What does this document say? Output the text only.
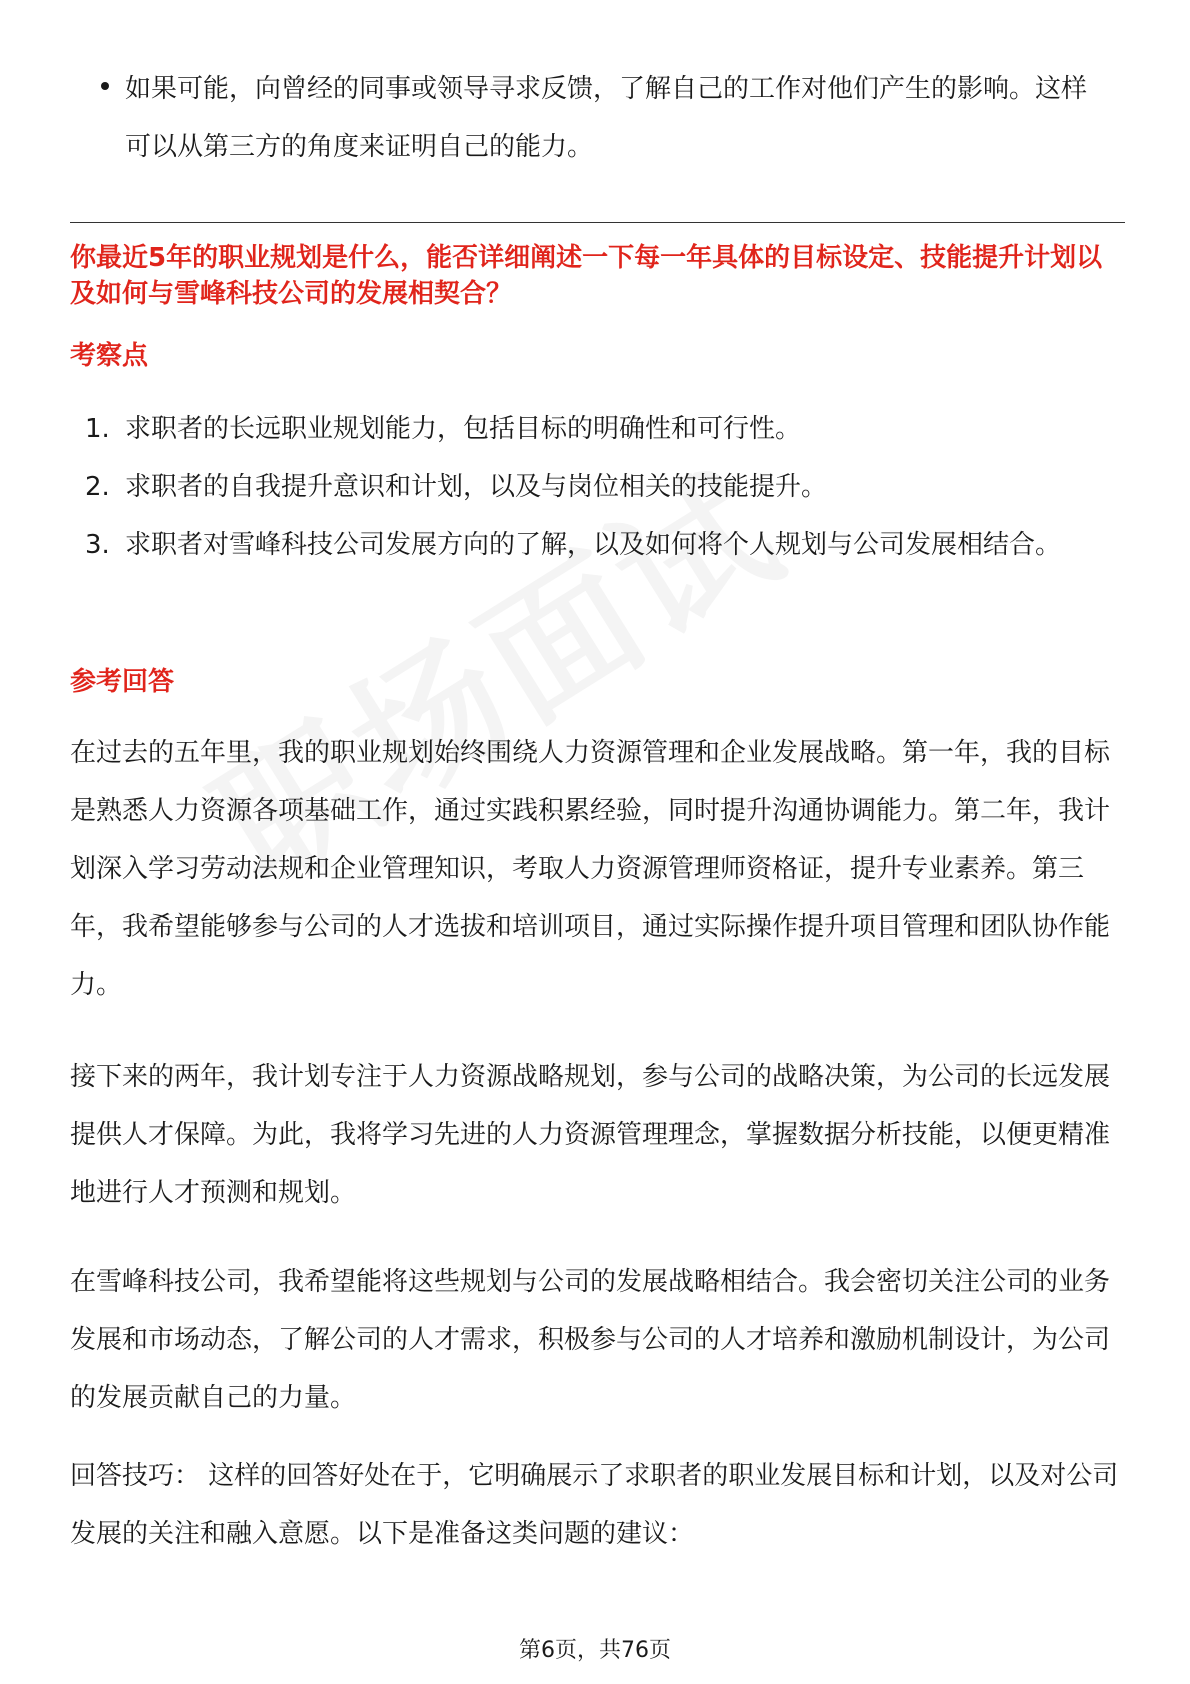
如果可能，向曾经的同事或领导寻求反馈，了解自己的工作对他们产生的影响。这样可以从第三方的角度来证明自己的能力。
你最近5年的职业规划是什么，能否详细阐述一下每一年具体的目标设定、技能提升计划以及如何与雪峰科技公司的发展相契合？
考察点
1. 求职者的长远职业规划能力，包括目标的明确性和可行性。
2. 求职者的自我提升意识和计划，以及与岗位相关的技能提升。
3. 求职者对雪峰科技公司发展方向的了解，以及如何将个人规划与公司发展相结合。
参考回答

在过去的五年里，我的职业规划始终围绕人力资源管理和企业发展战略。第一年，我的目标是熟悉人力资源各项基础工作，通过实践积累经验，同时提升沟通协调能力。第二年，我计划深入学习劳动法规和企业管理知识，考取人力资源管理师资格证，提升专业素养。第三年，我希望能够参与公司的人才选拔和培训项目，通过实际操作提升项目管理和团队协作能力。

接下来的两年，我计划专注于人力资源战略规划，参与公司的战略决策，为公司的长远发展提供人才保障。为此，我将学习先进的人力资源管理理念，掌握数据分析技能，以便更精准地进行人才预测和规划。

在雪峰科技公司，我希望能将这些规划与公司的发展战略相结合。我会密切关注公司的业务发展和市场动态，了解公司的人才需求，积极参与公司的人才培养和激励机制设计，为公司的发展贡献自己的力量。

回答技巧： 这样的回答好处在于，它明确展示了求职者的职业发展目标和计划，以及对公司发展的关注和融入意愿。以下是准备这类问题的建议：

第6页，共76页
